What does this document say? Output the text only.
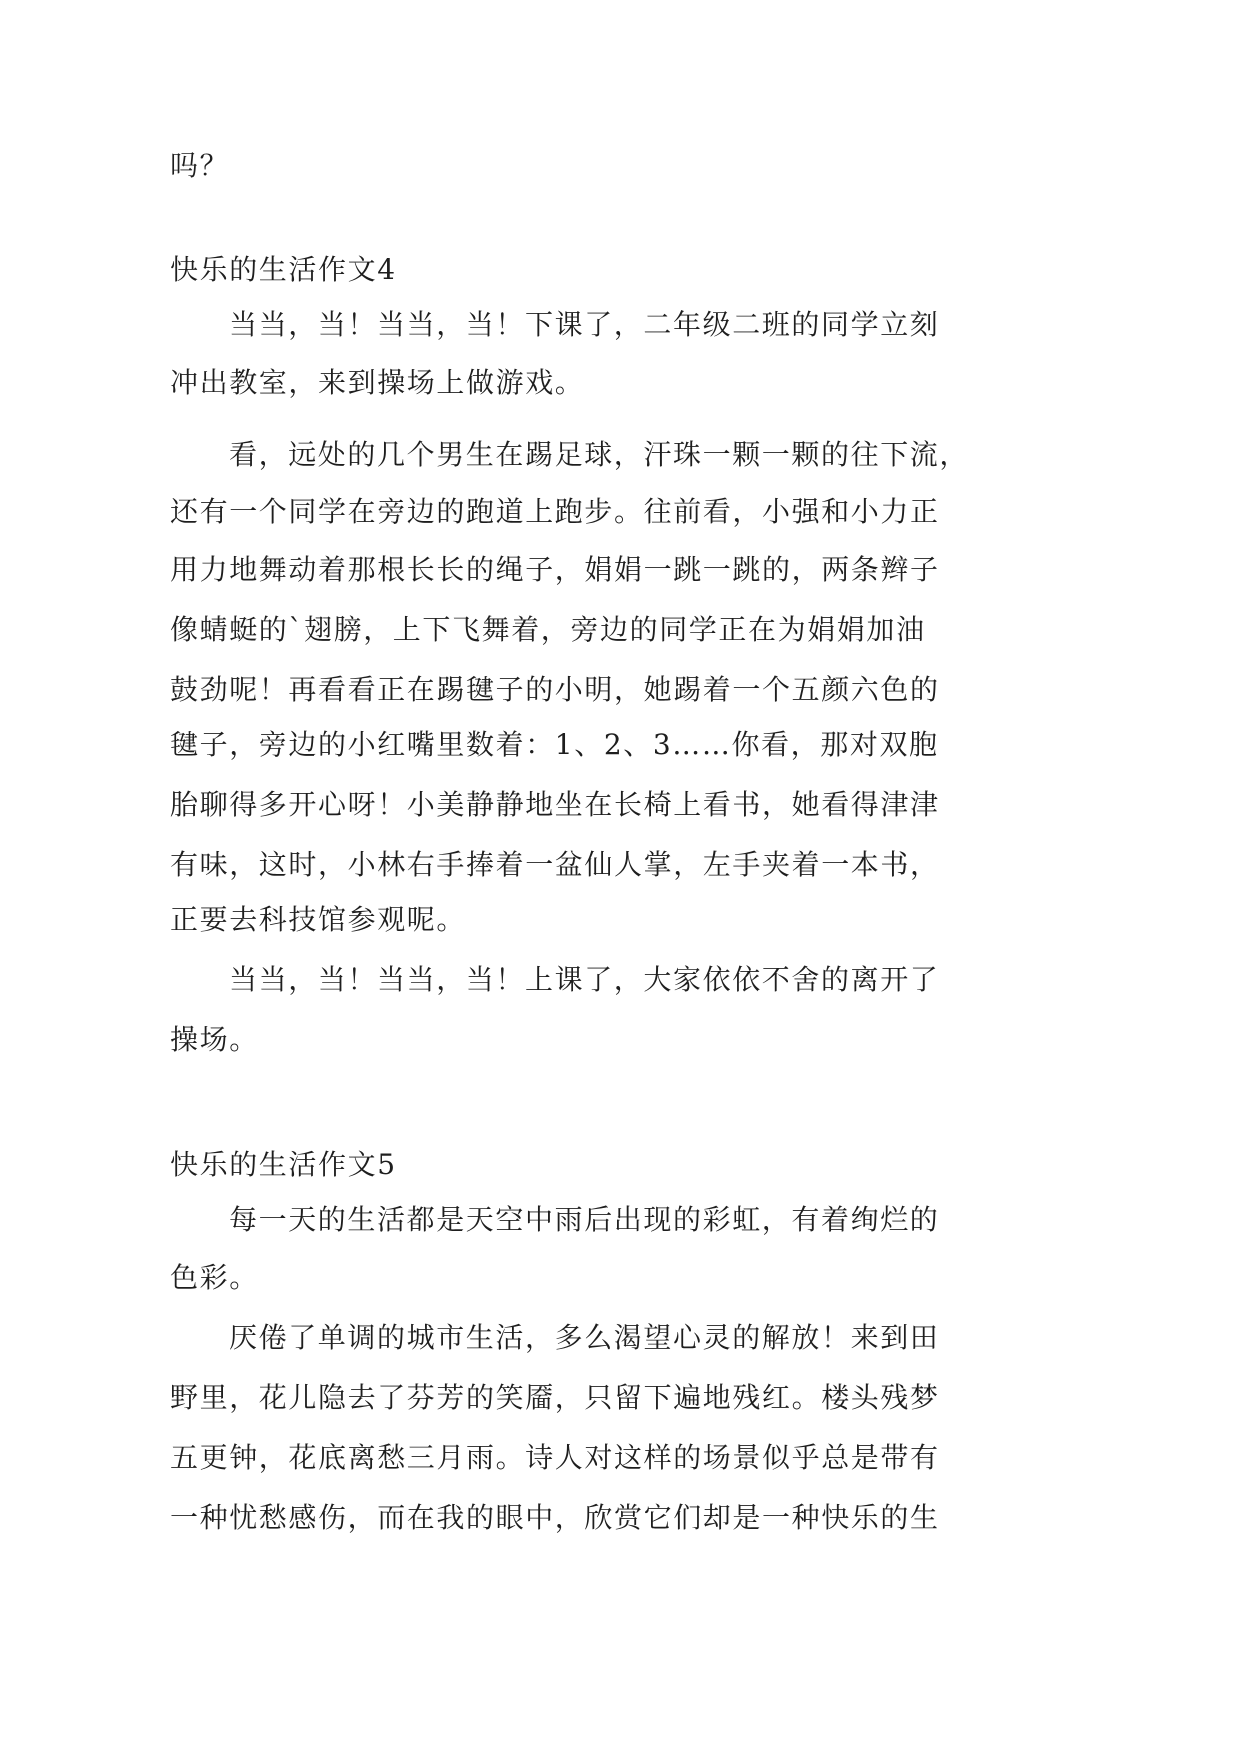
吗？
快乐的生活作文4
当当，当！当当，当！下课了，二年级二班的同学立刻
冲出教室，来到操场上做游戏。
看，远处的几个男生在踢足球，汗珠一颗一颗的往下流，
还有一个同学在旁边的跑道上跑步。往前看，小强和小力正
用力地舞动着那根长长的绳子，娟娟一跳一跳的，两条辫子
像蜻蜓的`翅膀，上下飞舞着，旁边的同学正在为娟娟加油
鼓劲呢！再看看正在踢毽子的小明，她踢着一个五颜六色的
毽子，旁边的小红嘴里数着：1、2、3……你看，那对双胞
胎聊得多开心呀！小美静静地坐在长椅上看书，她看得津津
有味，这时，小林右手捧着一盆仙人掌，左手夹着一本书，
正要去科技馆参观呢。
当当，当！当当，当！上课了，大家依依不舍的离开了
操场。
快乐的生活作文5
每一天的生活都是天空中雨后出现的彩虹，有着绚烂的
色彩。
厌倦了单调的城市生活，多么渴望心灵的解放！来到田
野里，花儿隐去了芬芳的笑靥，只留下遍地残红。楼头残梦
五更钟，花底离愁三月雨。诗人对这样的场景似乎总是带有
一种忧愁感伤，而在我的眼中，欣赏它们却是一种快乐的生
